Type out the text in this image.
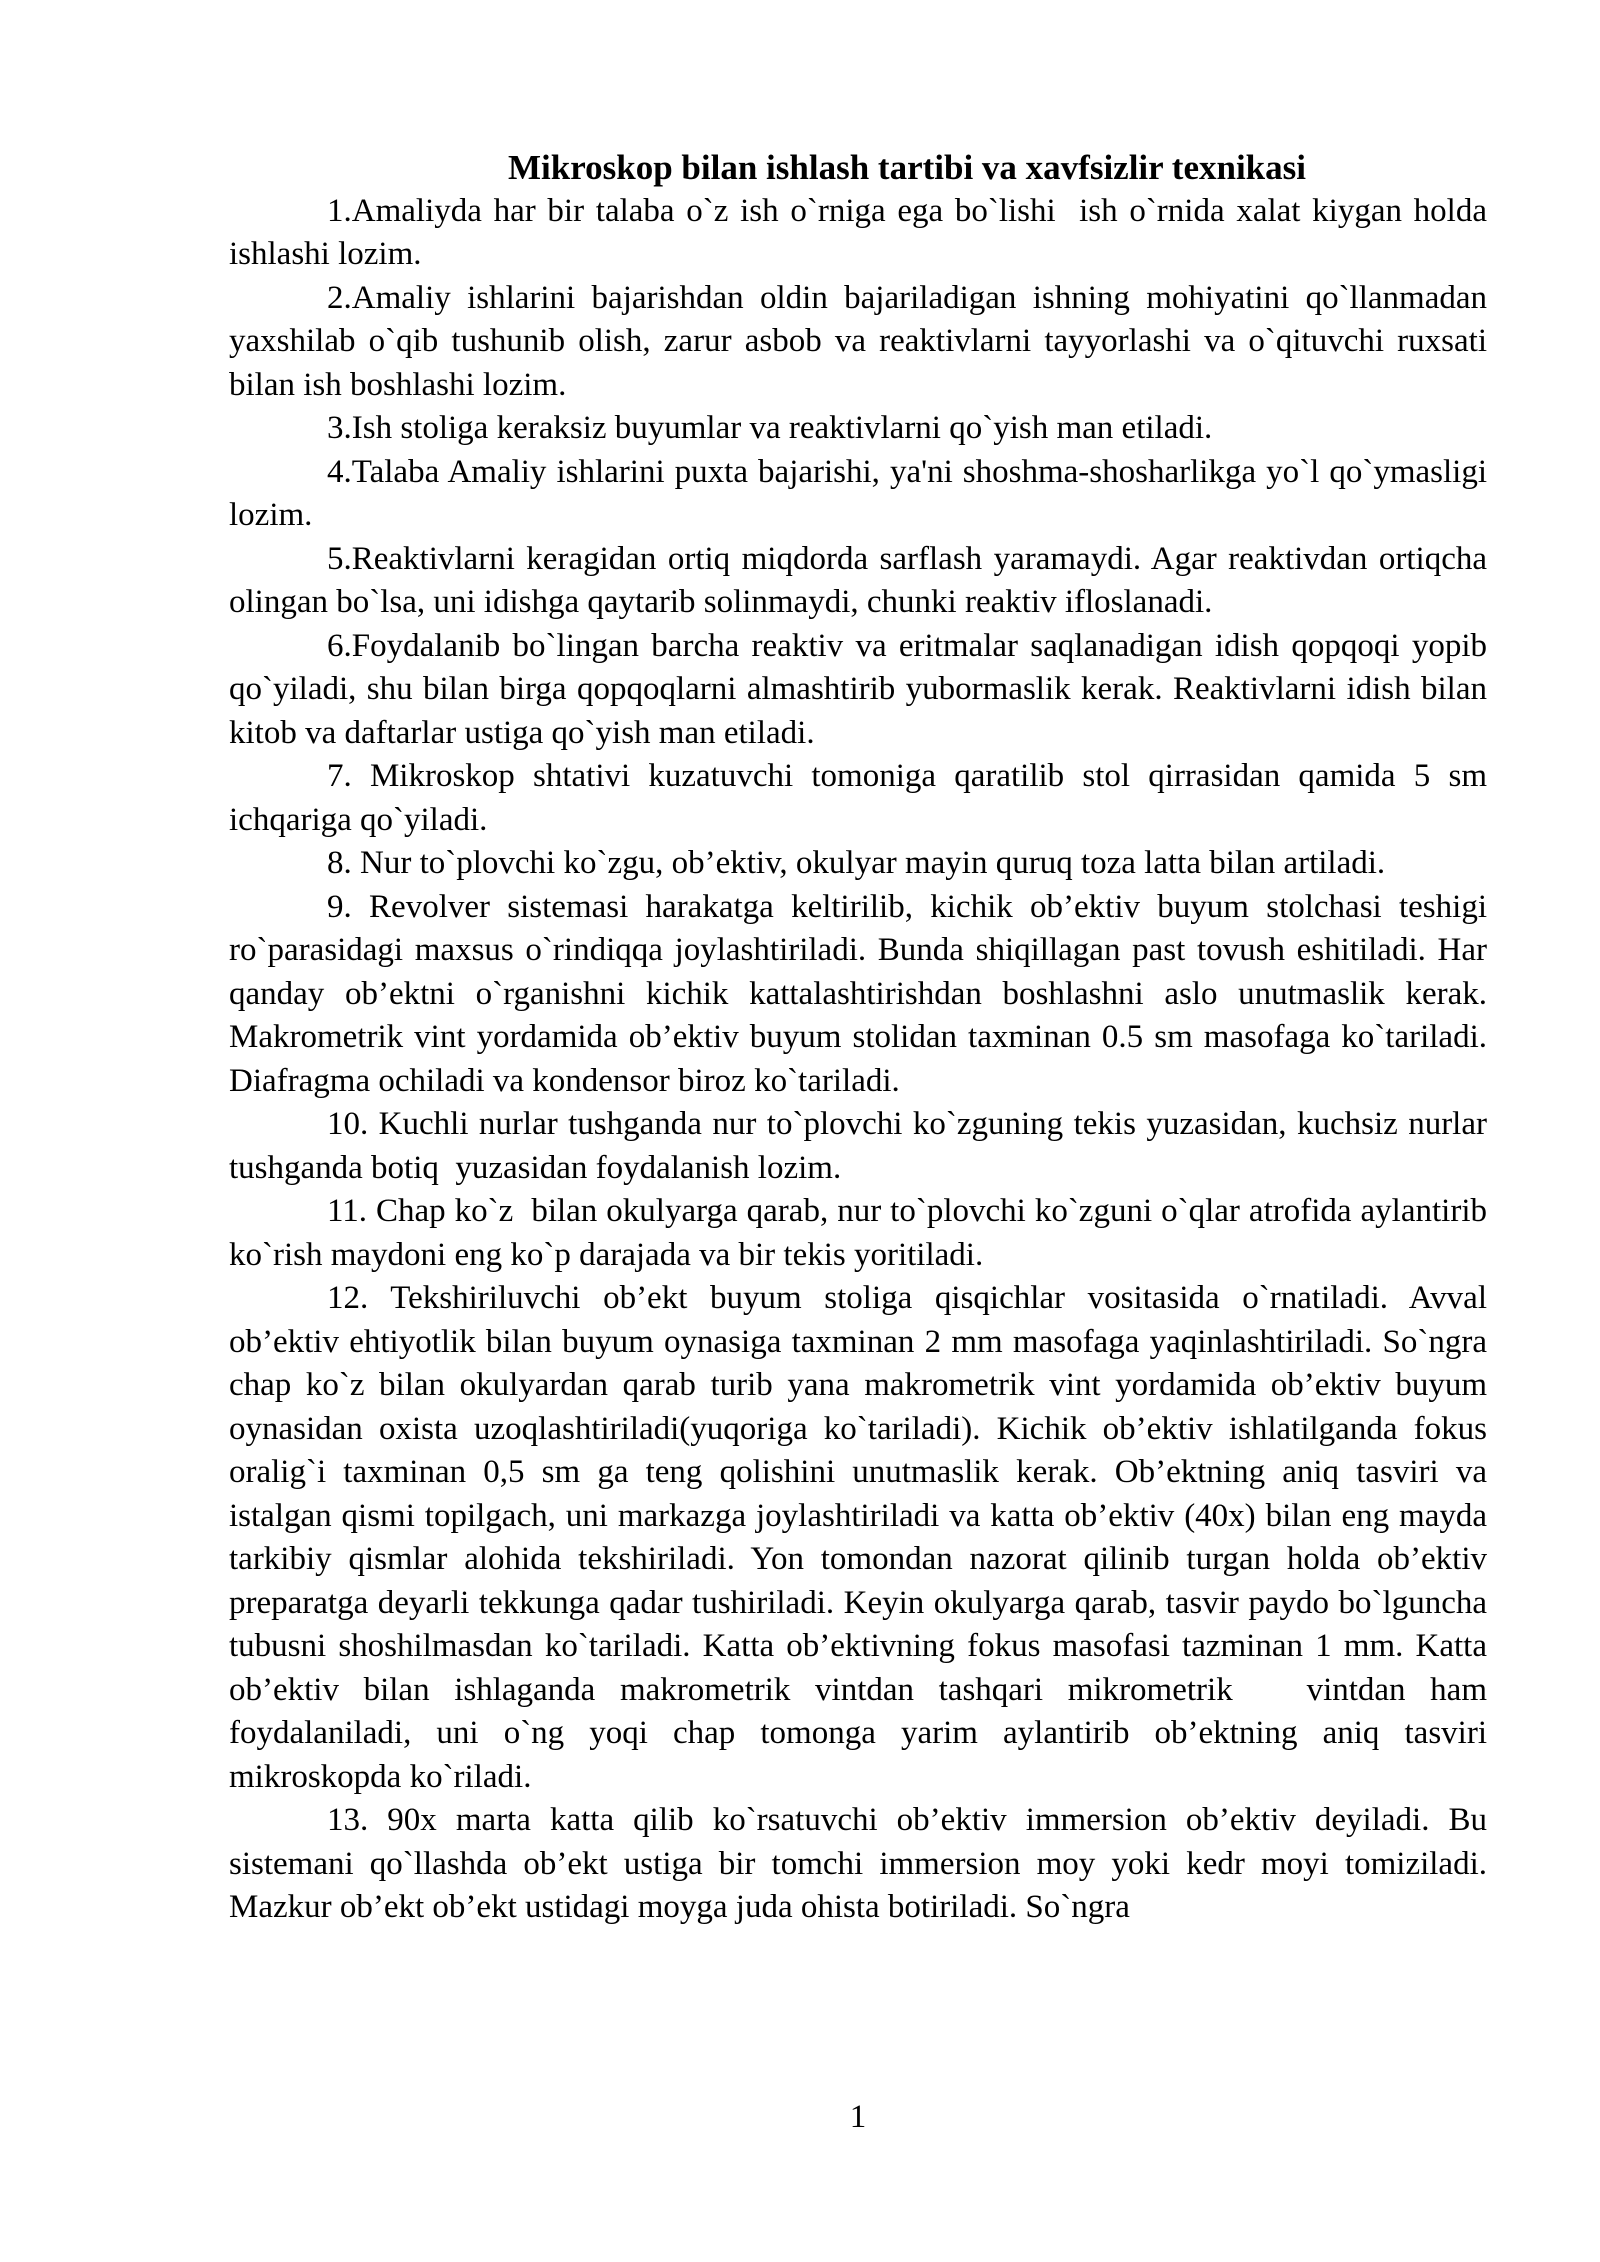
Mikroskop bilan ishlash tartibi va xavfsizlir texnikasi

1.Amaliyda har bir talaba o`z ish o`rniga ega bo`lishi  ish o`rnida xalat kiygan holda ishlashi lozim.

2.Amaliy ishlarini bajarishdan oldin bajariladigan ishning mohiyatini qo`llanmadan yaxshilab o`qib tushunib olish, zarur asbob va reaktivlarni tayyorlashi va o`qituvchi ruxsati bilan ish boshlashi lozim.

3.Ish stoliga keraksiz buyumlar va reaktivlarni qo`yish man etiladi.

4.Talaba Amaliy ishlarini puxta bajarishi, ya'ni shoshma-shosharlikga yo`l qo`ymasligi lozim.

5.Reaktivlarni keragidan ortiq miqdorda sarflash yaramaydi. Agar reaktivdan ortiqcha olingan bo`lsa, uni idishga qaytarib solinmaydi, chunki reaktiv ifloslanadi.

6.Foydalanib bo`lingan barcha reaktiv va eritmalar saqlanadigan idish qopqoqi yopib qo`yiladi, shu bilan birga qopqoqlarni almashtirib yubormaslik kerak. Reaktivlarni idish bilan kitob va daftarlar ustiga qo`yish man etiladi.

7. Mikroskop shtativi kuzatuvchi tomoniga qaratilib stol qirrasidan qamida 5 sm ichqariga qo`yiladi.

8. Nur to`plovchi ko`zgu, ob’ektiv, okulyar mayin quruq toza latta bilan artiladi.

9. Revolver sistemasi harakatga keltirilib, kichik ob’ektiv buyum stolchasi teshigi ro`parasidagi maxsus o`rindiqqa joylashtiriladi. Bunda shiqillagan past tovush eshitiladi. Har qanday ob’ektni o`rganishni kichik kattalashtirishdan boshlashni aslo unutmaslik kerak. Makrometrik vint yordamida ob’ektiv buyum stolidan taxminan 0.5 sm masofaga ko`tariladi. Diafragma ochiladi va kondensor biroz ko`tariladi.

10. Kuchli nurlar tushganda nur to`plovchi ko`zguning tekis yuzasidan, kuchsiz nurlar tushganda botiq  yuzasidan foydalanish lozim.

11. Chap ko`z  bilan okulyarga qarab, nur to`plovchi ko`zguni o`qlar atrofida aylantirib ko`rish maydoni eng ko`p darajada va bir tekis yoritiladi.

12. Tekshiriluvchi ob’ekt buyum stoliga qisqichlar vositasida o`rnatiladi. Avval ob’ektiv ehtiyotlik bilan buyum oynasiga taxminan 2 mm masofaga yaqinlashtiriladi. So`ngra chap ko`z bilan okulyardan qarab turib yana makrometrik vint yordamida ob’ektiv buyum oynasidan oxista uzoqlashtiriladi(yuqoriga ko`tariladi). Kichik ob’ektiv ishlatilganda fokus oralig`i taxminan 0,5 sm ga teng qolishini unutmaslik kerak. Ob’ektning aniq tasviri va istalgan qismi topilgach, uni markazga joylashtiriladi va katta ob’ektiv (40x) bilan eng mayda tarkibiy qismlar alohida tekshiriladi. Yon tomondan nazorat qilinib turgan holda ob’ektiv preparatga deyarli tekkunga qadar tushiriladi. Keyin okulyarga qarab, tasvir paydo bo`lguncha tubusni shoshilmasdan ko`tariladi. Katta ob’ektivning fokus masofasi tazminan 1 mm. Katta ob’ektiv bilan ishlaganda makrometrik vintdan tashqari mikrometrik   vintdan ham foydalaniladi, uni o`ng yoqi chap tomonga yarim aylantirib ob’ektning aniq tasviri mikroskopda ko`riladi.

13. 90x marta katta qilib ko`rsatuvchi ob’ektiv immersion ob’ektiv deyiladi. Bu sistemani qo`llashda ob’ekt ustiga bir tomchi immersion moy yoki kedr moyi tomiziladi. Mazkur ob’ekt ob’ekt ustidagi moyga juda ohista botiriladi. So`ngra

1
